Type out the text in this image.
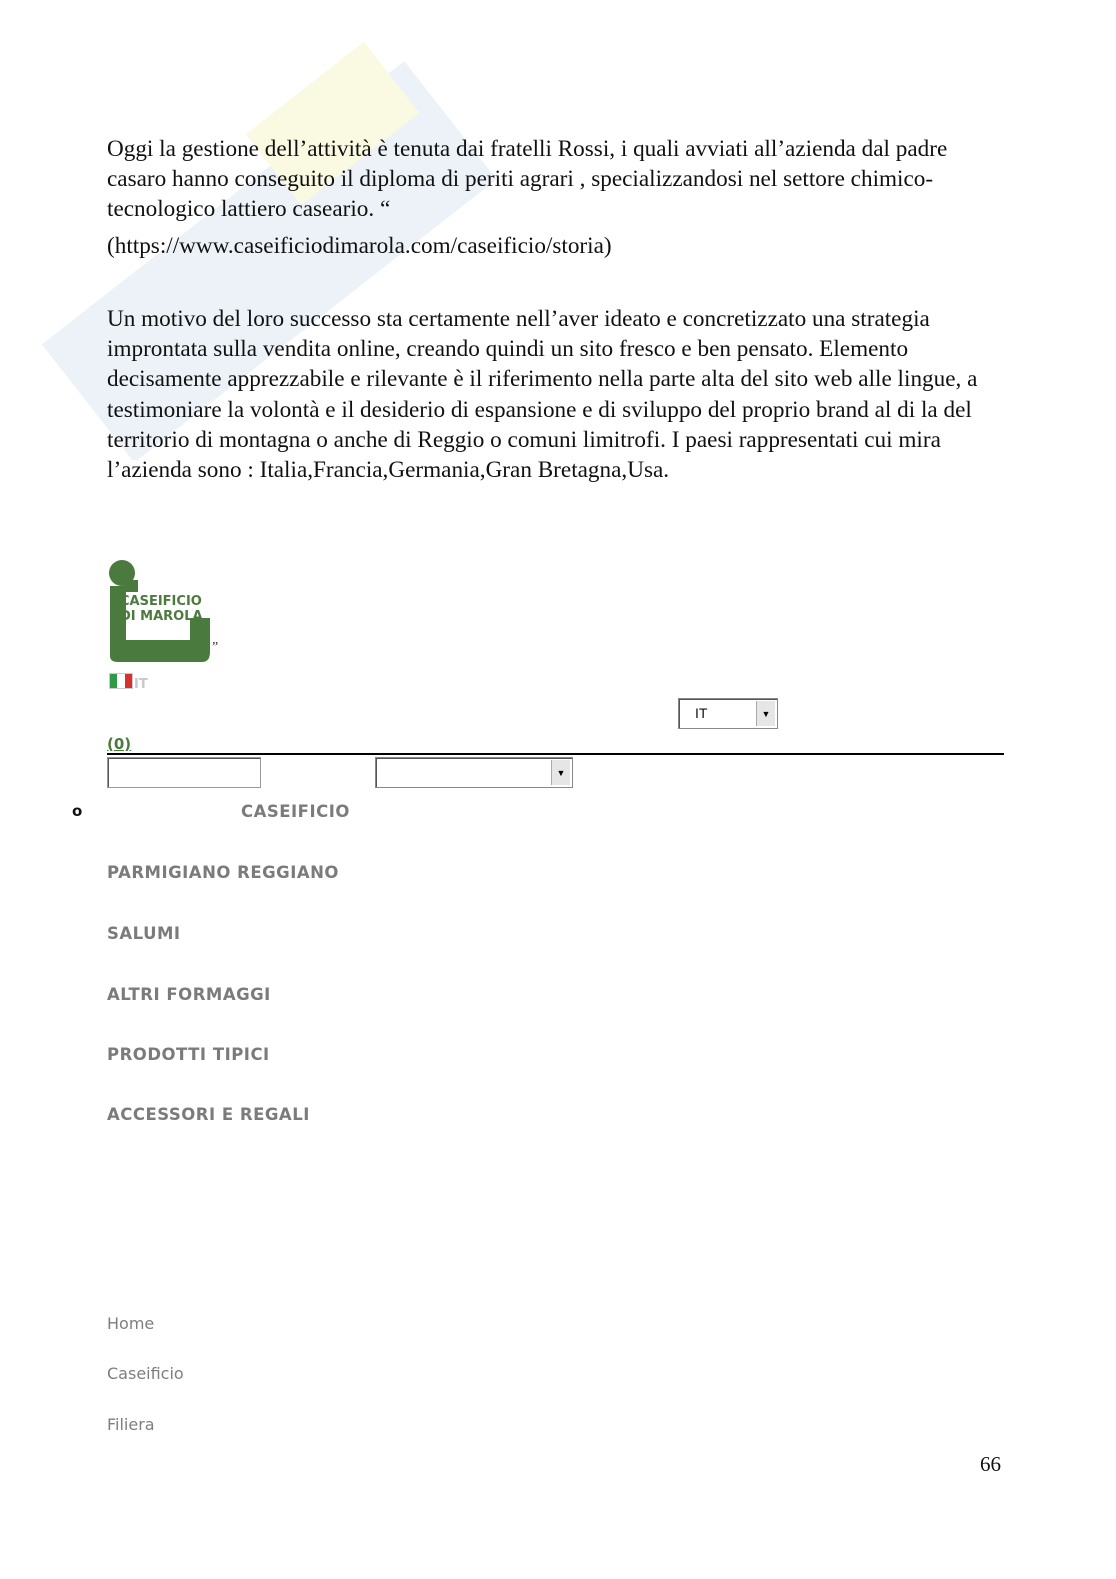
Oggi la gestione dell’attività è tenuta dai fratelli Rossi, i quali avviati all’azienda dal padre casaro hanno conseguito il diploma di periti agrari , specializzandosi nel settore chimico-tecnologico lattiero caseario. “

(https://www.caseificiodimarola.com/caseificio/storia)

Un motivo del loro successo sta certamente nell’aver ideato e concretizzato una strategia improntata sulla vendita online, creando quindi un sito fresco e ben pensato. Elemento decisamente apprezzabile e rilevante è il riferimento nella parte alta del sito web alle lingue, a testimoniare la volontà e il desiderio di espansione e di sviluppo del proprio brand al di la del territorio di montagna o anche di Reggio o comuni limitrofi. I paesi rappresentati cui mira l’azienda sono : Italia,Francia,Germania,Gran Bretagna,Usa.

CASEIFICIO
DI MAROLA
”
IT
IT	▼
(0)
▼
o	CASEIFICIO
PARMIGIANO REGGIANO
SALUMI
ALTRI FORMAGGI
PRODOTTI TIPICI
ACCESSORI E REGALI
Home
Caseificio
Filiera
66
